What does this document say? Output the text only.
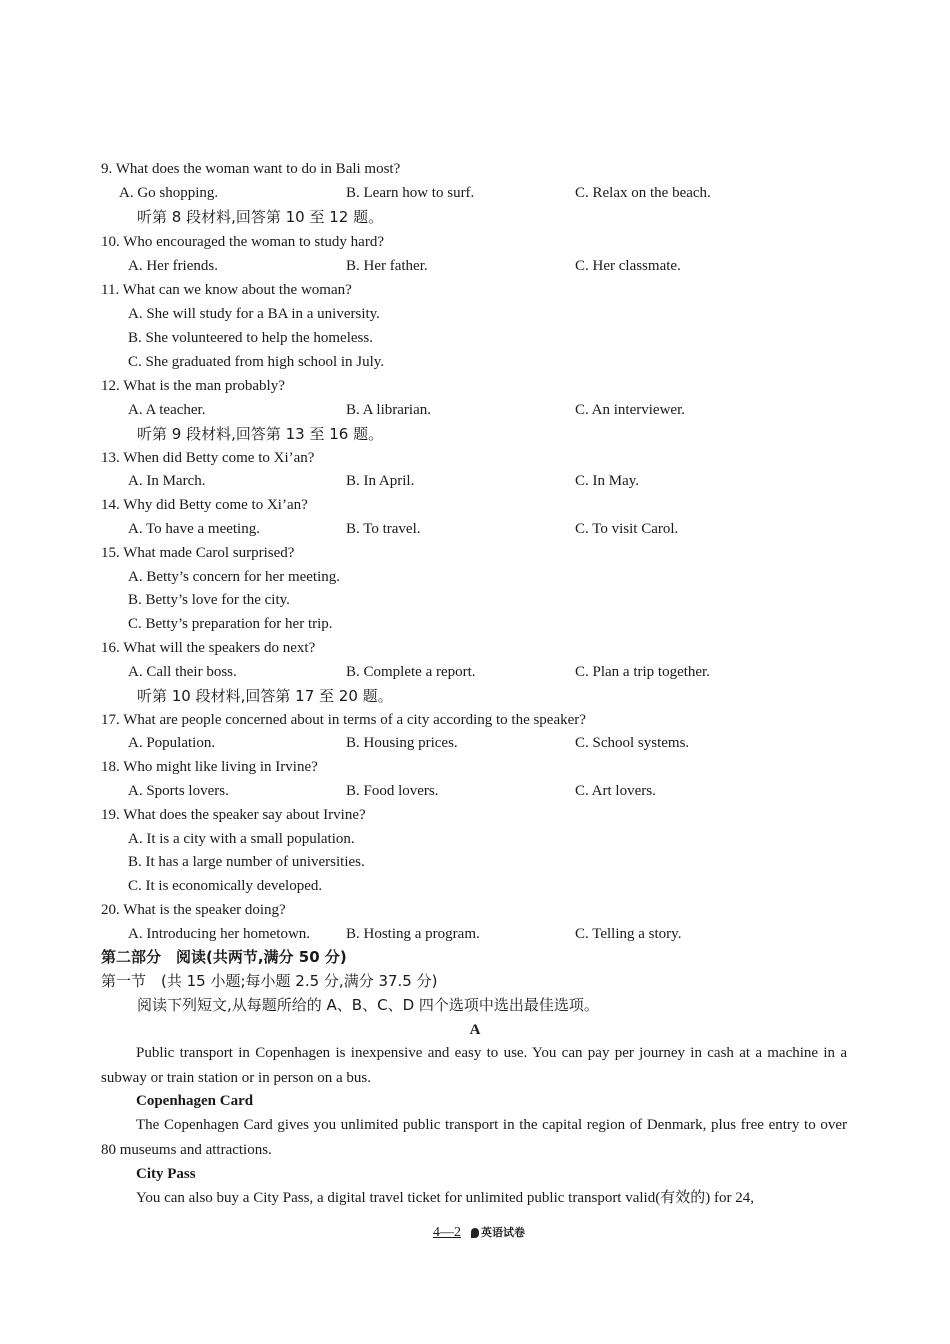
9. What does the woman want to do in Bali most?
A. Go shopping.	B. Learn how to surf.	C. Relax on the beach.
听第 8 段材料,回答第 10 至 12 题。
10. Who encouraged the woman to study hard?
A. Her friends.	B. Her father.	C. Her classmate.
11. What can we know about the woman?
A. She will study for a BA in a university.
B. She volunteered to help the homeless.
C. She graduated from high school in July.
12. What is the man probably?
A. A teacher.	B. A librarian.	C. An interviewer.
听第 9 段材料,回答第 13 至 16 题。
13. When did Betty come to Xi’an?
A. In March.	B. In April.	C. In May.
14. Why did Betty come to Xi’an?
A. To have a meeting.	B. To travel.	C. To visit Carol.
15. What made Carol surprised?
A. Betty’s concern for her meeting.
B. Betty’s love for the city.
C. Betty’s preparation for her trip.
16. What will the speakers do next?
A. Call their boss.	B. Complete a report.	C. Plan a trip together.
听第 10 段材料,回答第 17 至 20 题。
17. What are people concerned about in terms of a city according to the speaker?
A. Population.	B. Housing prices.	C. School systems.
18. Who might like living in Irvine?
A. Sports lovers.	B. Food lovers.	C. Art lovers.
19. What does the speaker say about Irvine?
A. It is a city with a small population.
B. It has a large number of universities.
C. It is economically developed.
20. What is the speaker doing?
A. Introducing her hometown. B. Hosting a program.	C. Telling a story.
第二部分　阅读(共两节,满分 50 分)
第一节　(共 15 小题;每小题 2.5 分,满分 37.5 分)
阅读下列短文,从每题所给的 A、B、C、D 四个选项中选出最佳选项。
A
Public transport in Copenhagen is inexpensive and easy to use. You can pay per journey in cash at a machine in a subway or train station or in person on a bus.
Copenhagen Card
The Copenhagen Card gives you unlimited public transport in the capital region of Denmark, plus free entry to over 80 museums and attractions.
City Pass
You can also buy a City Pass, a digital travel ticket for unlimited public transport valid(有效的) for 24,
4—2 英语试卷
